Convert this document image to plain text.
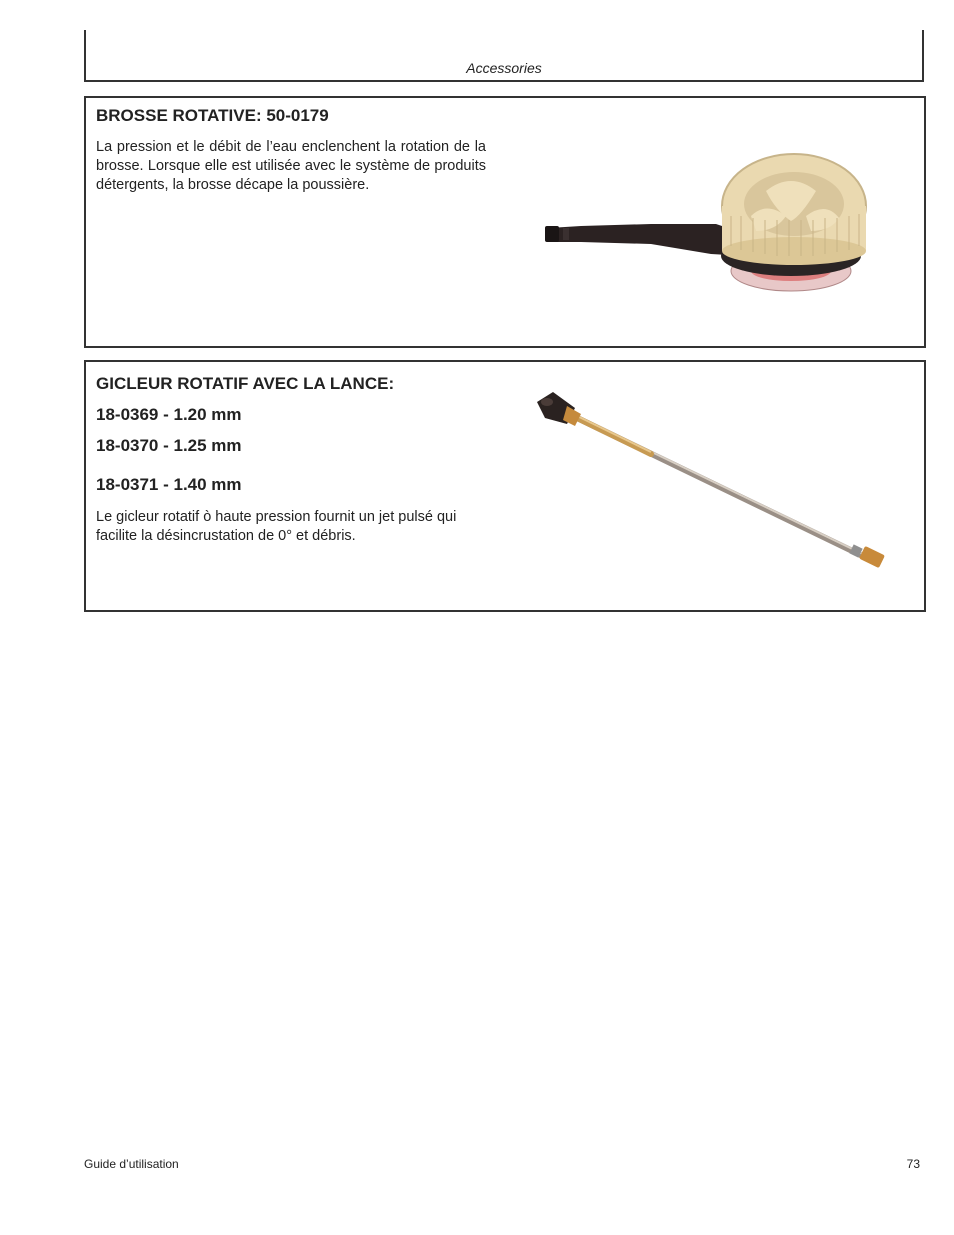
Accessories
BROSSE ROTATIVE: 50-0179
La pression et le débit de l’eau enclenchent la rotation de la brosse. Lorsque elle est utilisée avec le système de produits détergents, la brosse décape la poussière.
GICLEUR ROTATIF AVEC LA LANCE:
18-0369 - 1.20 mm
18-0370 - 1.25 mm
18-0371 - 1.40 mm
Le gicleur rotatif ò haute pression fournit un jet pulsé qui facilite la désincrustation de 0° et débris.
Guide d’utilisation	73
